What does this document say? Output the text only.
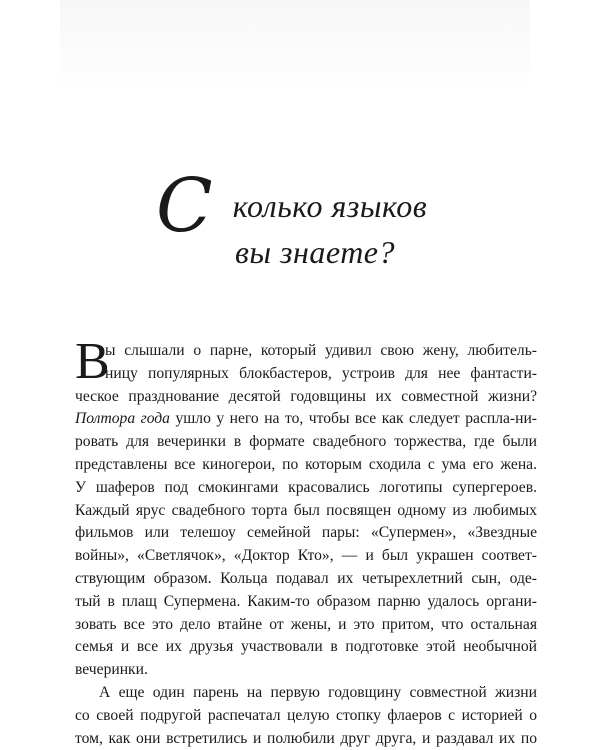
С колько языков
вы знаете?
В
ы слышали о парне, который удивил свою жену, любитель-
ницу популярных блокбастеров, устроив для нее фантасти-
ческое празднование десятой годовщины их совместной жизни?
Полтора года ушло у него на то, чтобы все как следует распла-ни-
ровать для вечеринки в формате свадебного торжества, где были
представлены все киногерои, по которым сходила с ума его жена.
У шаферов под смокингами красовались логотипы супергероев.
Каждый ярус свадебного торта был посвящен одному из любимых
фильмов или телешоу семейной пары: «Супермен», «Звездные
войны», «Светлячок», «Доктор Кто», — и был украшен соответ-
ствующим образом. Кольца подавал их четырехлетний сын, оде-
тый в плащ Супермена. Каким-то образом парню удалось органи-
зовать все это дело втайне от жены, и это притом, что остальная
семья и все их друзья участвовали в подготовке этой необычной
вечеринки.
А еще один парень на первую годовщину совместной жизни
со своей подругой распечатал целую стопку флаеров с историей о
том, как они встретились и полюбили друг друга, и раздавал их по
